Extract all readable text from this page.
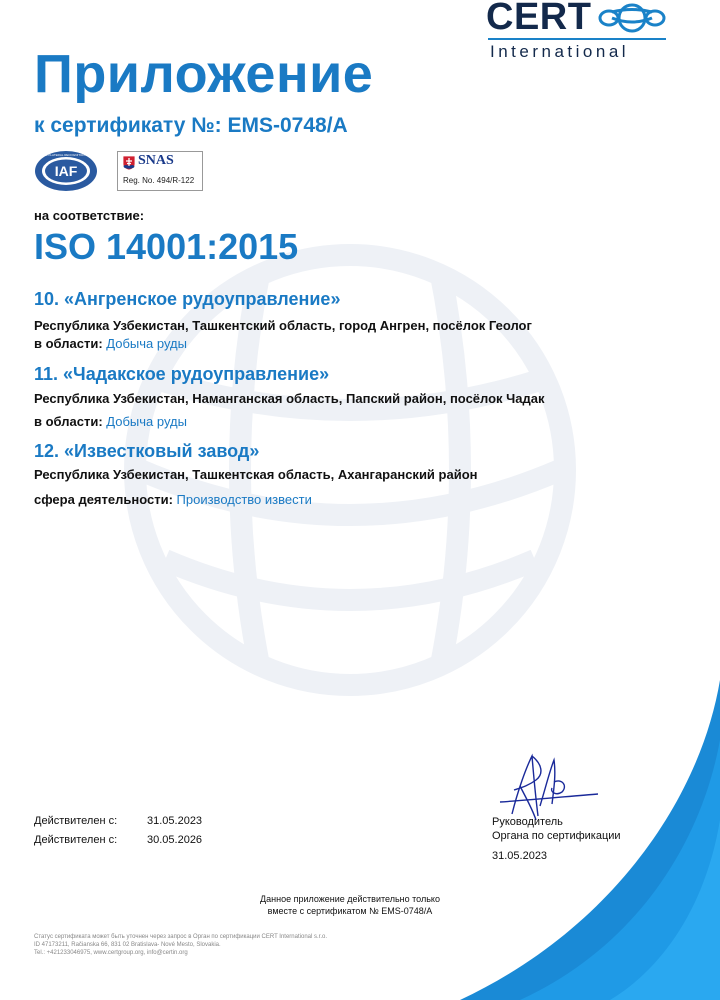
CERT
International
Приложение
к сертификату №: EMS-0748/A
IAF
MEMBER OF MULTILATERAL RECOGNITION ARRANGEMENT SNAS
Reg. No. 494/R-122
на соответствие:
ISO 14001:2015
10. «Ангренское рудоуправление»
Республика Узбекистан, Ташкентский область, город Ангрен, посёлок Геолог
в области: Добыча руды
11. «Чадакское рудоуправление»
Республика Узбекистан, Наманганская область, Папский район, посёлок Чадак
в области: Добыча руды
12. «Известковый завод»
Республика Узбекистан, Ташкентская область, Ахангаранский район
сфера деятельности: Производство извести
Действителен с:	31.05.2023
Действителен с:	30.05.2026
Руководитель
Органа по сертификации
31.05.2023
Данное приложение действительно только
вместе с сертификатом № EMS-0748/A
Статус сертификата может быть уточнен через запрос в Орган по сертификации CERT International s.r.o.
ID 47173211, Račianska 66, 831 02 Bratislava- Nové Mesto, Slovakia.
Tel.: +421233046975, www.certgroup.org, info@certin.org
